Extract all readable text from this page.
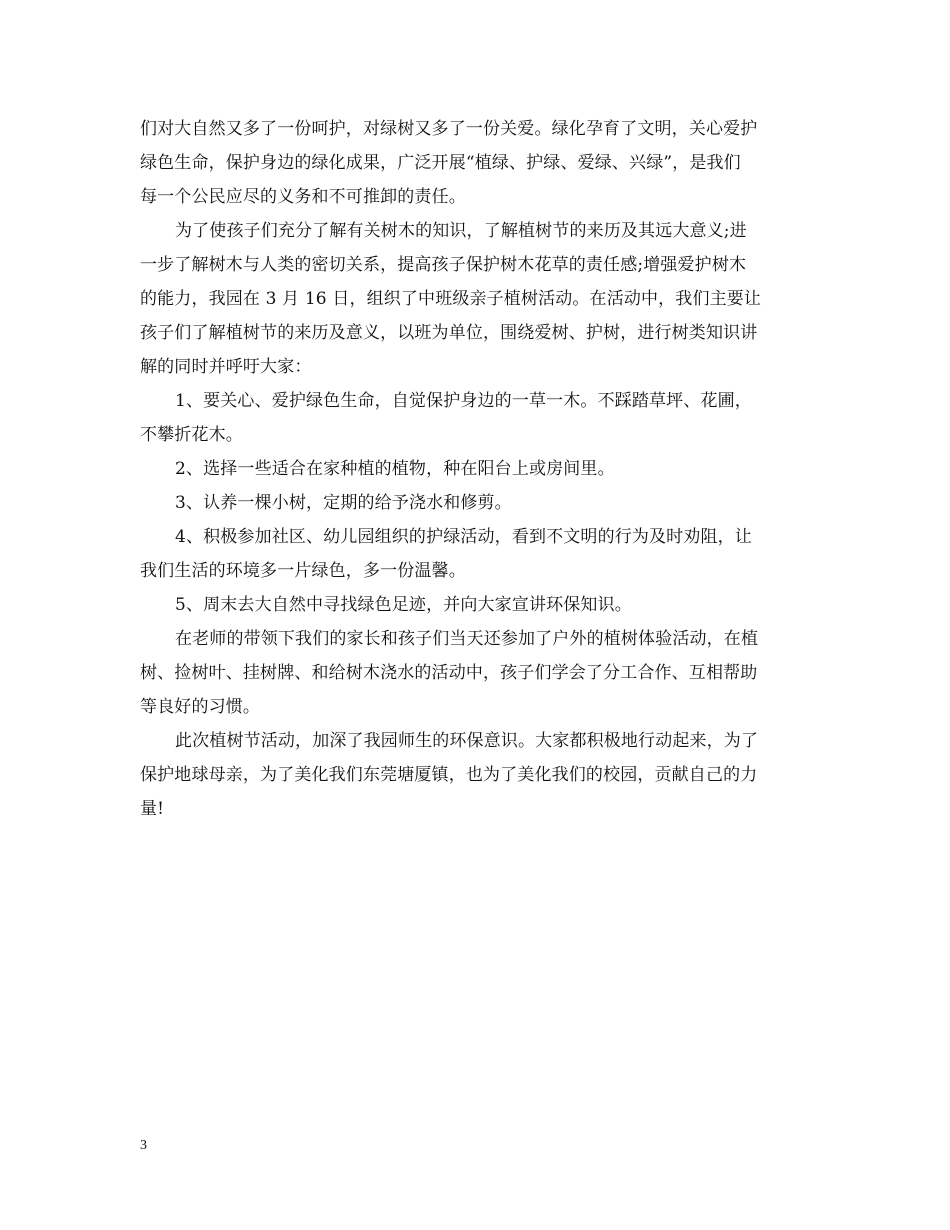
们对大自然又多了一份呵护，对绿树又多了一份关爱。绿化孕育了文明，关心爱护
绿色生命，保护身边的绿化成果，广泛开展“植绿、护绿、爱绿、兴绿”，是我们
每一个公民应尽的义务和不可推卸的责任。
为了使孩子们充分了解有关树木的知识，了解植树节的来历及其远大意义;进
一步了解树木与人类的密切关系，提高孩子保护树木花草的责任感;增强爱护树木
的能力，我园在 3 月 16 日，组织了中班级亲子植树活动。在活动中，我们主要让
孩子们了解植树节的来历及意义，以班为单位，围绕爱树、护树，进行树类知识讲
解的同时并呼吁大家：
1、要关心、爱护绿色生命，自觉保护身边的一草一木。不踩踏草坪、花圃，
不攀折花木。
2、选择一些适合在家种植的植物，种在阳台上或房间里。
3、认养一棵小树，定期的给予浇水和修剪。
4、积极参加社区、幼儿园组织的护绿活动，看到不文明的行为及时劝阻，让
我们生活的环境多一片绿色，多一份温馨。
5、周末去大自然中寻找绿色足迹，并向大家宣讲环保知识。
在老师的带领下我们的家长和孩子们当天还参加了户外的植树体验活动，在植
树、捡树叶、挂树牌、和给树木浇水的活动中，孩子们学会了分工合作、互相帮助
等良好的习惯。
此次植树节活动，加深了我园师生的环保意识。大家都积极地行动起来，为了
保护地球母亲，为了美化我们东莞塘厦镇，也为了美化我们的校园，贡献自己的力
量!
3
